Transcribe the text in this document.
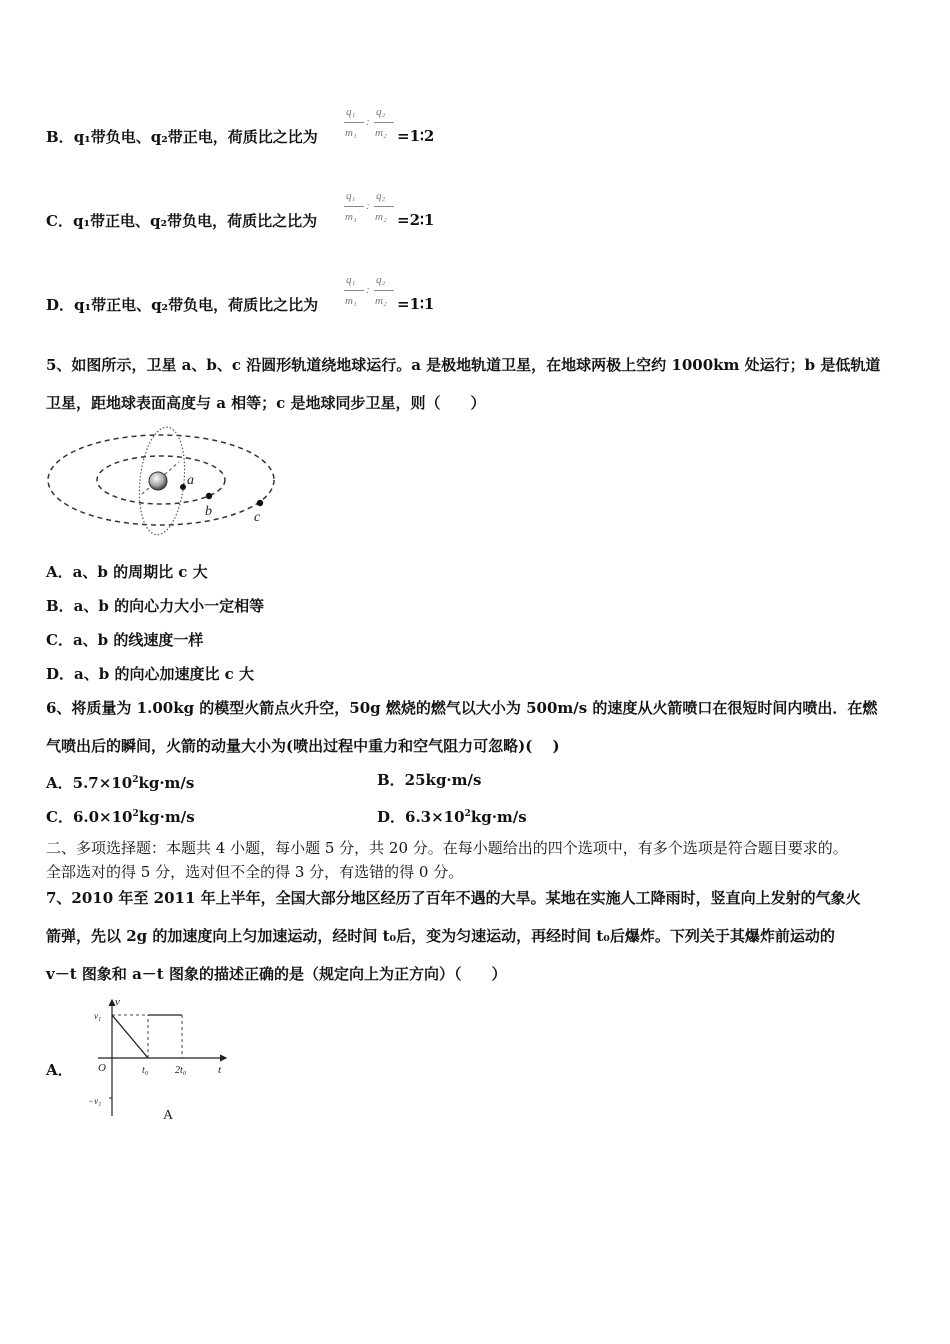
B．q₁带负电、q₂带正电，荷质比之比为
q₁
m₁
:
q₂
m₂ =1∶2
C．q₁带正电、q₂带负电，荷质比之比为
q₁
m₁
:
q₂
m₂ =2∶1
D．q₁带正电、q₂带负电，荷质比之比为
q₁
m₁
:
q₂
m₂ =1∶1
5、如图所示，卫星 a、b、c 沿圆形轨道绕地球运行。a 是极地轨道卫星，在地球两极上空约 1000km 处运行；b 是低轨道
卫星，距地球表面高度与 a 相等；c 是地球同步卫星，则（　　）
a
b	c
A．a、b 的周期比 c 大
B．a、b 的向心力大小一定相等
C．a、b 的线速度一样
D．a、b 的向心加速度比 c 大
6、将质量为 1.00kg 的模型火箭点火升空，50g 燃烧的燃气以大小为 500m/s 的速度从火箭喷口在很短时间内喷出．在燃
气喷出后的瞬间，火箭的动量大小为(喷出过程中重力和空气阻力可忽略)(　 )
A．$5.7\times 10^2kg\cdot m/s$	B．25kg·m/s
C．$6.0\times 10^2kg\cdot m/s$	D．$6.3\times 10^2kg\cdot m/s$
二、多项选择题：本题共 4 小题，每小题 5 分，共 20 分。在每小题给出的四个选项中，有多个选项是符合题目要求的。
全部选对的得 5 分，选对但不全的得 3 分，有选错的得 0 分。
7、2010 年至 2011 年上半年，全国大部分地区经历了百年不遇的大旱。某地在实施人工降雨时，竖直向上发射的气象火
箭弹，先以 2g 的加速度向上匀加速运动，经时间 t₀后，变为匀速运动，再经时间 t₀后爆炸。下列关于其爆炸前运动的
v－t 图象和 a－t 图象的描述正确的是（规定向上为正方向）（　　）
A．
v
v₁
−v₁
O	t₀	2t₀	t
A
